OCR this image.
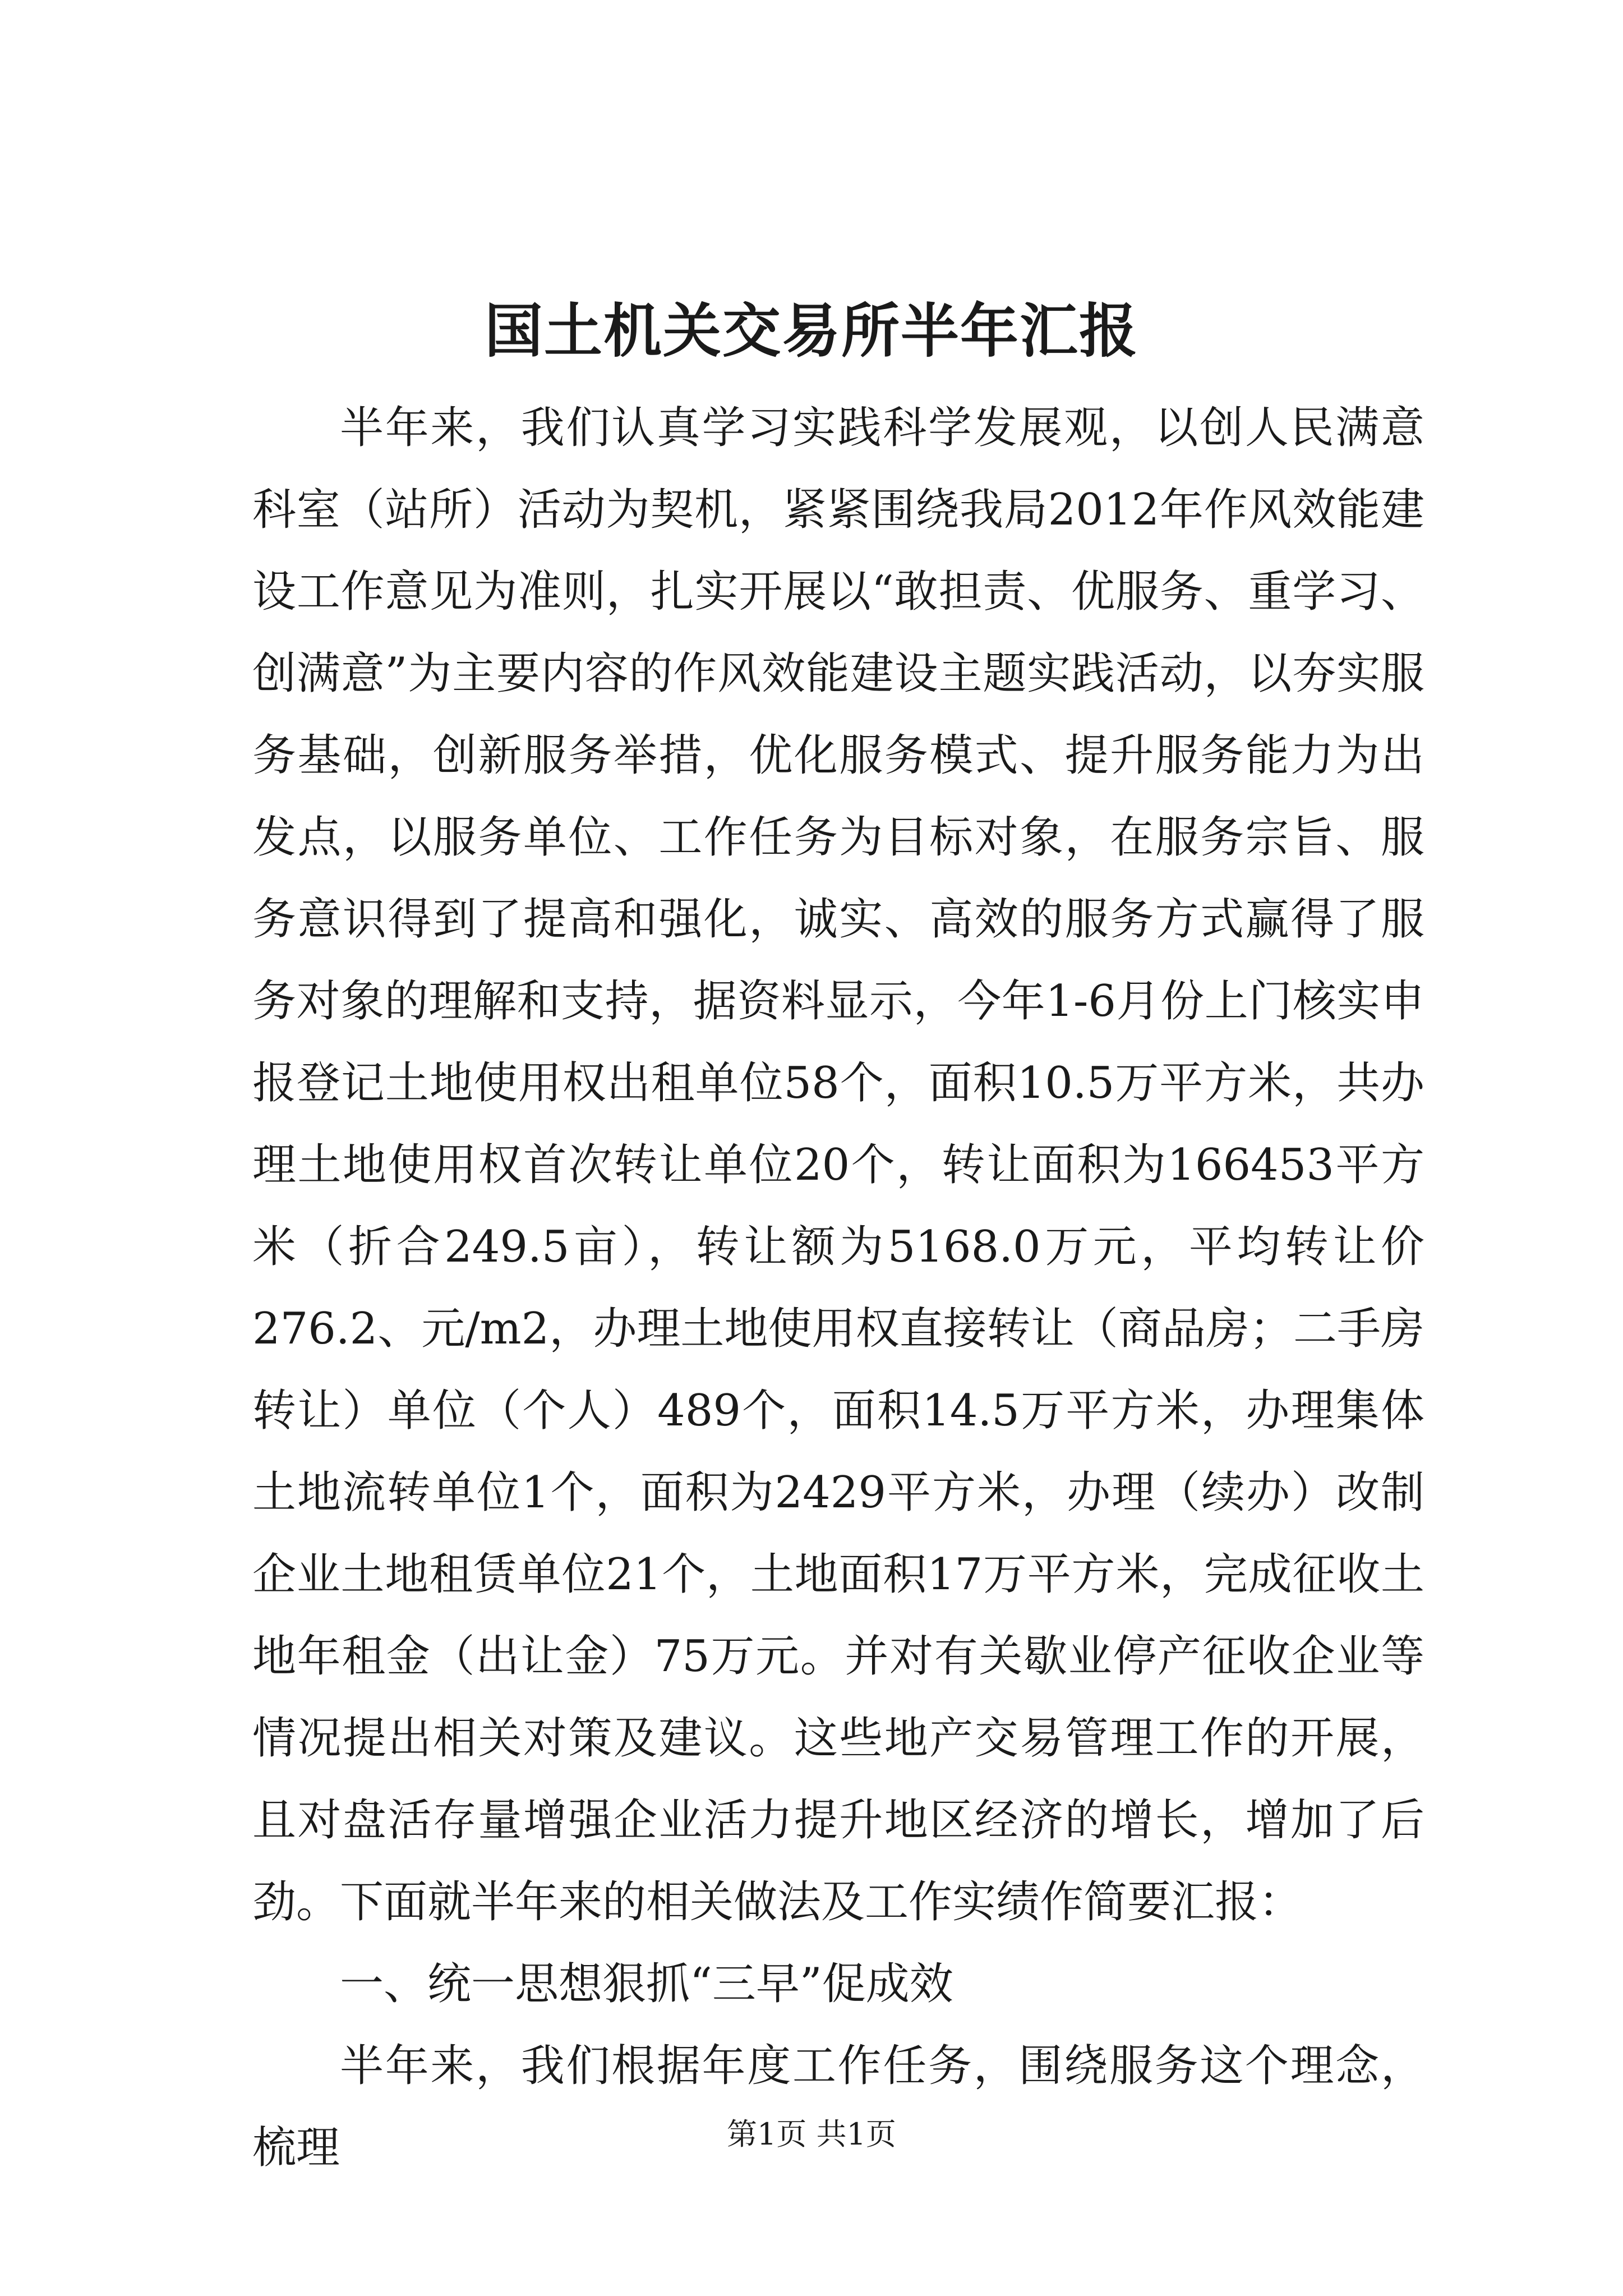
国土机关交易所半年汇报

半年来，我们认真学习实践科学发展观，以创人民满意科室（站所）活动为契机，紧紧围绕我局2012年作风效能建设工作意见为准则，扎实开展以“敢担责、优服务、重学习、创满意”为主要内容的作风效能建设主题实践活动，以夯实服务基础，创新服务举措，优化服务模式、提升服务能力为出发点，以服务单位、工作任务为目标对象，在服务宗旨、服务意识得到了提高和强化，诚实、高效的服务方式赢得了服务对象的理解和支持，据资料显示，今年1-6月份上门核实申报登记土地使用权出租单位58个，面积10.5万平方米，共办理土地使用权首次转让单位20个，转让面积为166453平方米（折合249.5亩），转让额为5168.0万元，平均转让价276.2、元/m2，办理土地使用权直接转让（商品房；二手房转让）单位（个人）489个，面积14.5万平方米，办理集体土地流转单位1个，面积为2429平方米，办理（续办）改制企业土地租赁单位21个，土地面积17万平方米，完成征收土地年租金（出让金）75万元。并对有关歇业停产征收企业等情况提出相关对策及建议。这些地产交易管理工作的开展，且对盘活存量增强企业活力提升地区经济的增长，增加了后劲。下面就半年来的相关做法及工作实绩作简要汇报：

一、统一思想狠抓“三早”促成效

半年来，我们根据年度工作任务，围绕服务这个理念，梳理	第1页 共1页
